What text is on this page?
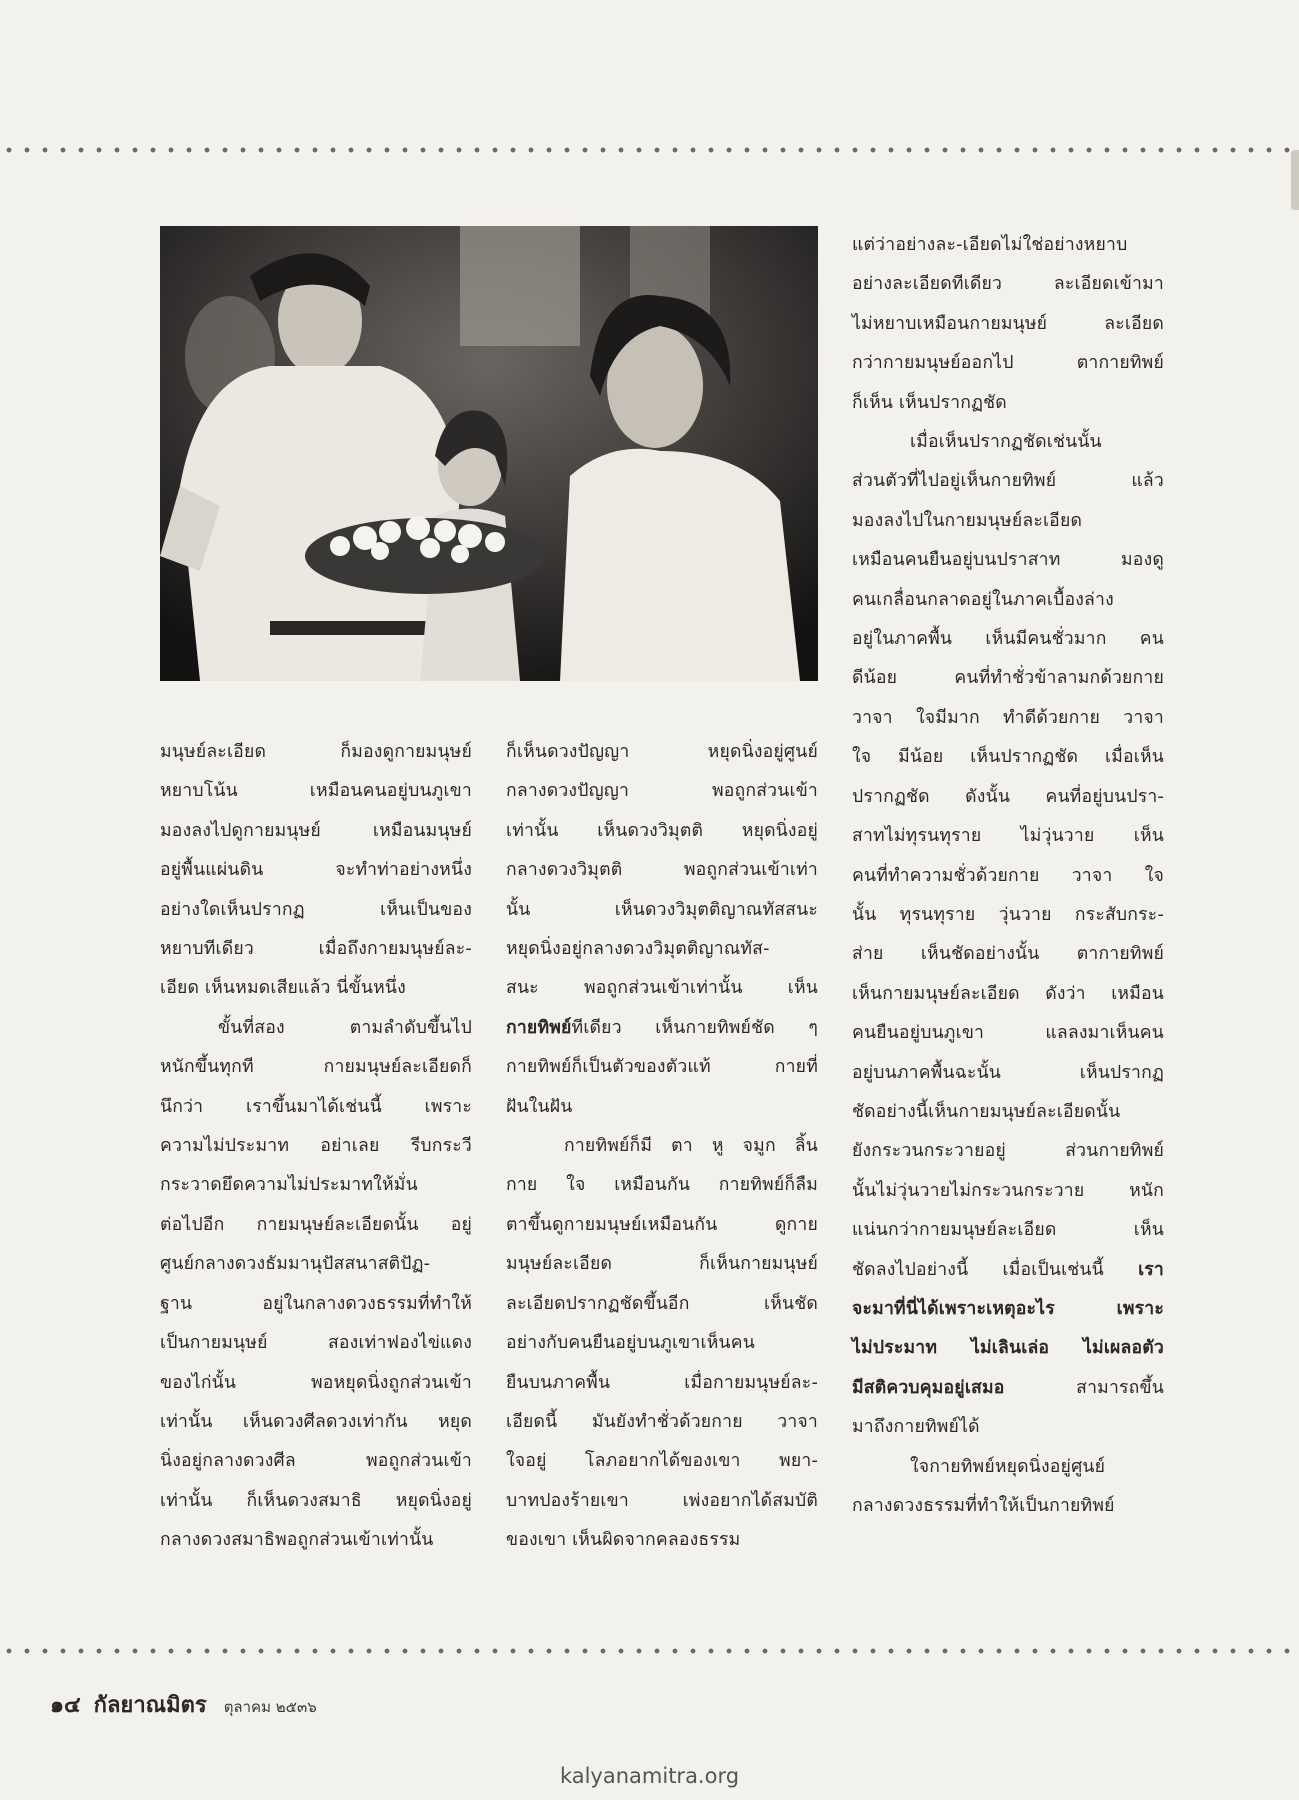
มนุษย์ละเอียด ก็มองดูกายมนุษย์

หยาบโน้น เหมือนคนอยู่บนภูเขา

มองลงไปดูกายมนุษย์ เหมือนมนุษย์

อยู่พื้นแผ่นดิน จะทำท่าอย่างหนึ่ง

อย่างใดเห็นปรากฏ เห็นเป็นของ

หยาบทีเดียว เมื่อถึงกายมนุษย์ละ-

เอียด เห็นหมดเสียแล้ว นี่ขั้นหนึ่ง

ขั้นที่สอง ตามลำดับขึ้นไป

หนักขึ้นทุกที กายมนุษย์ละเอียดก็

นึกว่า เราขึ้นมาได้เช่นนี้ เพราะ

ความไม่ประมาท อย่าเลย รีบกระวี

กระวาดยึดความไม่ประมาทให้มั่น

ต่อไปอีก กายมนุษย์ละเอียดนั้น อยู่

ศูนย์กลางดวงธัมมานุปัสสนาสติปัฏ-

ฐาน อยู่ในกลางดวงธรรมที่ทำให้

เป็นกายมนุษย์ สองเท่าฟองไข่แดง

ของไก่นั้น พอหยุดนิ่งถูกส่วนเข้า

เท่านั้น เห็นดวงศีลดวงเท่ากัน หยุด

นิ่งอยู่กลางดวงศีล พอถูกส่วนเข้า

เท่านั้น ก็เห็นดวงสมาธิ หยุดนิ่งอยู่

กลางดวงสมาธิพอถูกส่วนเข้าเท่านั้น

ก็เห็นดวงปัญญา หยุดนิ่งอยู่ศูนย์

กลางดวงปัญญา พอถูกส่วนเข้า

เท่านั้น เห็นดวงวิมุตติ หยุดนิ่งอยู่

กลางดวงวิมุตติ พอถูกส่วนเข้าเท่า

นั้น เห็นดวงวิมุตติญาณทัสสนะ

หยุดนิ่งอยู่กลางดวงวิมุตติญาณทัส-

สนะ พอถูกส่วนเข้าเท่านั้น เห็น

กายทิพย์ทีเดียว เห็นกายทิพย์ชัด ๆ

กายทิพย์ก็เป็นตัวของตัวแท้ กายที่

ฝันในฝัน

กายทิพย์ก็มี ตา หู จมูก ลิ้น

กาย ใจ เหมือนกัน กายทิพย์ก็ลืม

ตาขึ้นดูกายมนุษย์เหมือนกัน ดูกาย

มนุษย์ละเอียด ก็เห็นกายมนุษย์

ละเอียดปรากฏชัดขึ้นอีก เห็นชัด

อย่างกับคนยืนอยู่บนภูเขาเห็นคน

ยืนบนภาคพื้น เมื่อกายมนุษย์ละ-

เอียดนี้ มันยังทำชั่วด้วยกาย วาจา

ใจอยู่ โลภอยากได้ของเขา พยา-

บาทปองร้ายเขา เพ่งอยากได้สมบัติ

ของเขา เห็นผิดจากคลองธรรม

แต่ว่าอย่างละ-เอียดไม่ใช่อย่างหยาบ

อย่างละเอียดทีเดียว ละเอียดเข้ามา

ไม่หยาบเหมือนกายมนุษย์ ละเอียด

กว่ากายมนุษย์ออกไป ตากายทิพย์

ก็เห็น เห็นปรากฏชัด

เมื่อเห็นปรากฏชัดเช่นนั้น

ส่วนตัวที่ไปอยู่เห็นกายทิพย์ แล้ว

มองลงไปในกายมนุษย์ละเอียด

เหมือนคนยืนอยู่บนปราสาท มองดู

คนเกลื่อนกลาดอยู่ในภาคเบื้องล่าง

อยู่ในภาคพื้น เห็นมีคนชั่วมาก คน

ดีน้อย คนที่ทำชั่วข้าลามกด้วยกาย

วาจา ใจมีมาก ทำดีด้วยกาย วาจา

ใจ มีน้อย เห็นปรากฏชัด เมื่อเห็น

ปรากฏชัด ดังนั้น คนที่อยู่บนปรา-

สาทไม่ทุรนทุราย ไม่วุ่นวาย เห็น

คนที่ทำความชั่วด้วยกาย วาจา ใจ

นั้น ทุรนทุราย วุ่นวาย กระสับกระ-

ส่าย เห็นชัดอย่างนั้น ตากายทิพย์

เห็นกายมนุษย์ละเอียด ดังว่า เหมือน

คนยืนอยู่บนภูเขา แลลงมาเห็นคน

อยู่บนภาคพื้นฉะนั้น เห็นปรากฏ

ชัดอย่างนี้เห็นกายมนุษย์ละเอียดนั้น

ยังกระวนกระวายอยู่ ส่วนกายทิพย์

นั้นไม่วุ่นวายไม่กระวนกระวาย หนัก

แน่นกว่ากายมนุษย์ละเอียด เห็น

ชัดลงไปอย่างนี้ เมื่อเป็นเช่นนี้ เรา

จะมาที่นี่ได้เพราะเหตุอะไร เพราะ

ไม่ประมาท ไม่เลินเล่อ ไม่เผลอตัว

มีสติควบคุมอยู่เสมอ	สามารถขึ้น

มาถึงกายทิพย์ได้

ใจกายทิพย์หยุดนิ่งอยู่ศูนย์

กลางดวงธรรมที่ทำให้เป็นกายทิพย์

๑๔ กัลยาณมิตร ตุลาคม ๒๕๓๖
kalyanamitra.org
